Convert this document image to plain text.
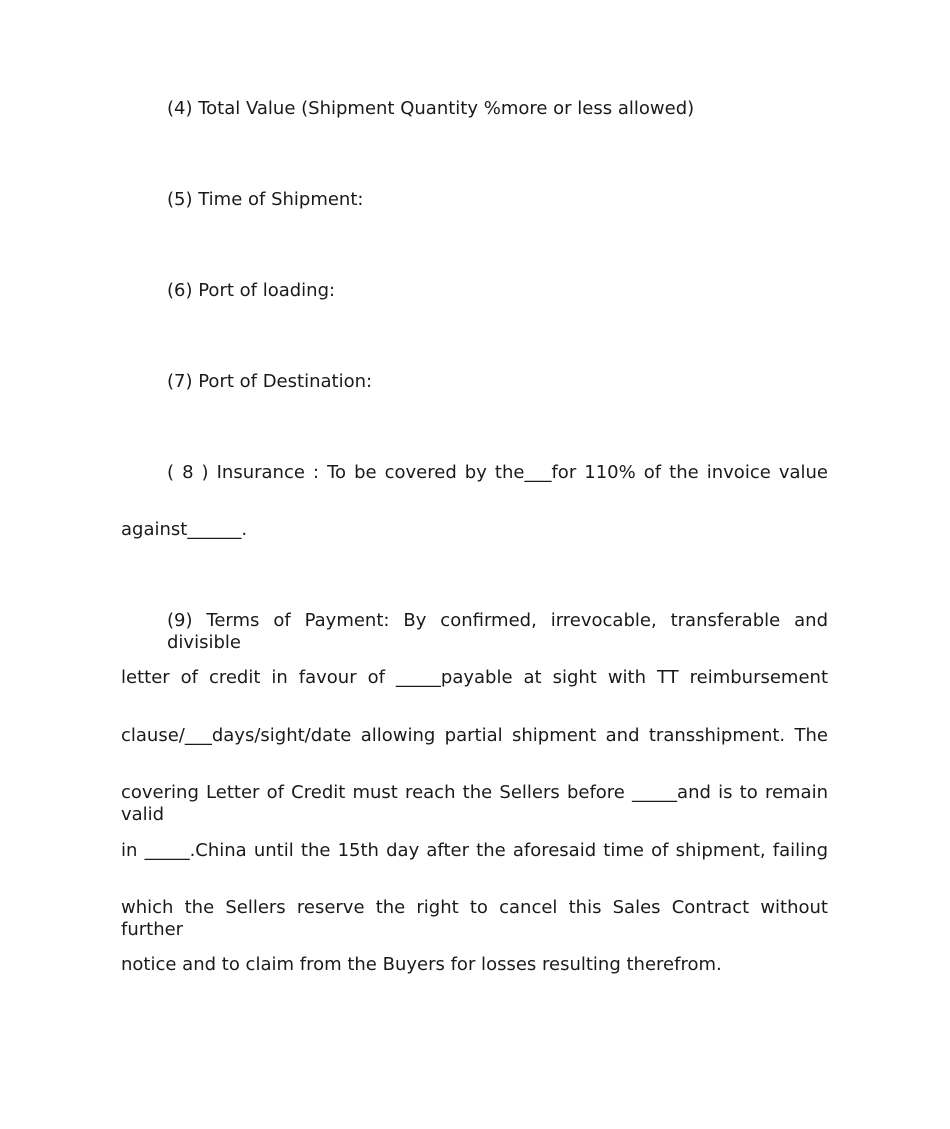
(4) Total Value (Shipment Quantity %more or less allowed)
(5) Time of Shipment:
(6) Port of loading:
(7) Port of Destination:
( 8 ) Insurance : To be covered by the___for 110% of the invoice value
against______.
(9) Terms of Payment: By confirmed, irrevocable, transferable and divisible
letter of credit in favour of _____payable at sight with TT reimbursement
clause/___days/sight/date allowing partial shipment and transshipment. The
covering Letter of Credit must reach the Sellers before _____and is to remain valid
in _____.China until the 15th day after the aforesaid time of shipment, failing
which the Sellers reserve the right to cancel this Sales Contract without further
notice and to claim from the Buyers for losses resulting therefrom.
